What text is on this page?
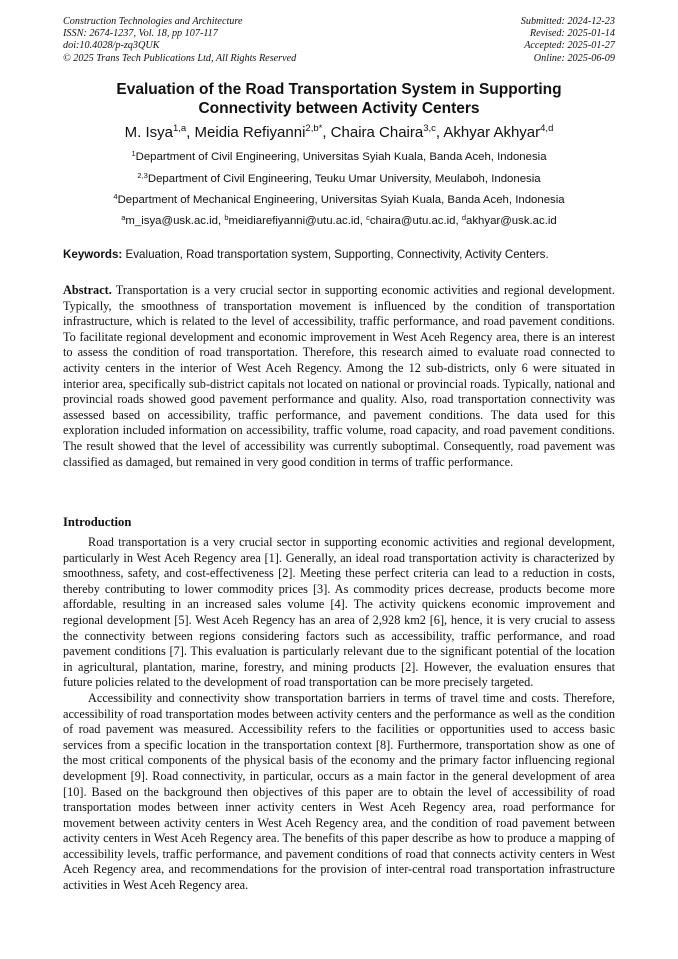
Construction Technologies and Architecture	Submitted: 2024-12-23
ISSN: 2674-1237, Vol. 18, pp 107-117	Revised: 2025-01-14
doi:10.4028/p-zq3QUK	Accepted: 2025-01-27
© 2025 Trans Tech Publications Ltd, All Rights Reserved	Online: 2025-06-09
Evaluation of the Road Transportation System in Supporting
Connectivity between Activity Centers
M. Isya$^{1,a}$, Meidia Refiyanni$^{2,b*}$, Chaira Chaira$^{3,c}$, Akhyar Akhyar$^{4,d}$
$^1$Department of Civil Engineering, Universitas Syiah Kuala, Banda Aceh, Indonesia
$^{2,3}$Department of Civil Engineering, Teuku Umar University, Meulaboh, Indonesia
$^4$Department of Mechanical Engineering, Universitas Syiah Kuala, Banda Aceh, Indonesia
$^a$m_isya@usk.ac.id, $^b$meidiarefiyanni@utu.ac.id, $^c$chaira@utu.ac.id, $^d$akhyar@usk.ac.id
Keywords: Evaluation, Road transportation system, Supporting, Connectivity, Activity Centers.

Abstract. Transportation is a very crucial sector in supporting economic activities and regional development. Typically, the smoothness of transportation movement is influenced by the condition of transportation infrastructure, which is related to the level of accessibility, traffic performance, and road pavement conditions. To facilitate regional development and economic improvement in West Aceh Regency area, there is an interest to assess the condition of road transportation. Therefore, this research aimed to evaluate road connected to activity centers in the interior of West Aceh Regency. Among the 12 sub-districts, only 6 were situated in interior area, specifically sub-district capitals not located on national or provincial roads. Typically, national and provincial roads showed good pavement performance and quality. Also, road transportation connectivity was assessed based on accessibility, traffic performance, and pavement conditions. The data used for this exploration included information on accessibility, traffic volume, road capacity, and road pavement conditions. The result showed that the level of accessibility was currently suboptimal. Consequently, road pavement was classified as damaged, but remained in very good condition in terms of traffic performance.

Introduction

Road transportation is a very crucial sector in supporting economic activities and regional development, particularly in West Aceh Regency area [1]. Generally, an ideal road transportation activity is characterized by smoothness, safety, and cost-effectiveness [2]. Meeting these perfect criteria can lead to a reduction in costs, thereby contributing to lower commodity prices [3]. As commodity prices decrease, products become more affordable, resulting in an increased sales volume [4]. The activity quickens economic improvement and regional development [5]. West Aceh Regency has an area of 2,928 km2 [6], hence, it is very crucial to assess the connectivity between regions considering factors such as accessibility, traffic performance, and road pavement conditions [7]. This evaluation is particularly relevant due to the significant potential of the location in agricultural, plantation, marine, forestry, and mining products [2]. However, the evaluation ensures that future policies related to the development of road transportation can be more precisely targeted.

Accessibility and connectivity show transportation barriers in terms of travel time and costs. Therefore, accessibility of road transportation modes between activity centers and the performance as well as the condition of road pavement was measured. Accessibility refers to the facilities or opportunities used to access basic services from a specific location in the transportation context [8]. Furthermore, transportation show as one of the most critical components of the physical basis of the economy and the primary factor influencing regional development [9]. Road connectivity, in particular, occurs as a main factor in the general development of area [10]. Based on the background then objectives of this paper are to obtain the level of accessibility of road transportation modes between inner activity centers in West Aceh Regency area, road performance for movement between activity centers in West Aceh Regency area, and the condition of road pavement between activity centers in West Aceh Regency area. The benefits of this paper describe as how to produce a mapping of accessibility levels, traffic performance, and pavement conditions of road that connects activity centers in West Aceh Regency area, and recommendations for the provision of inter-central road transportation infrastructure activities in West Aceh Regency area.
